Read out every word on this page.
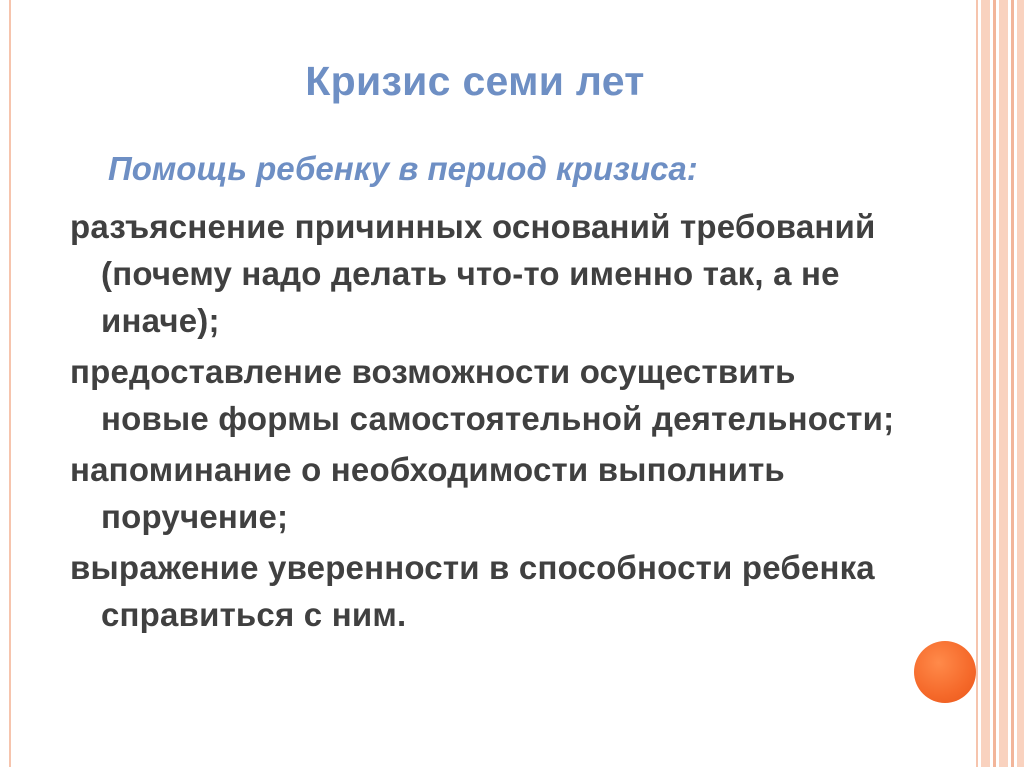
Кризис семи лет
Помощь ребенку в период кризиса:
разъяснение причинных оснований требований (почему надо делать что-то именно так, а не иначе);
предоставление возможности осуществить новые формы самостоятельной деятельности;
напоминание о необходимости выполнить поручение;
выражение уверенности в способности ребенка справиться с ним.
